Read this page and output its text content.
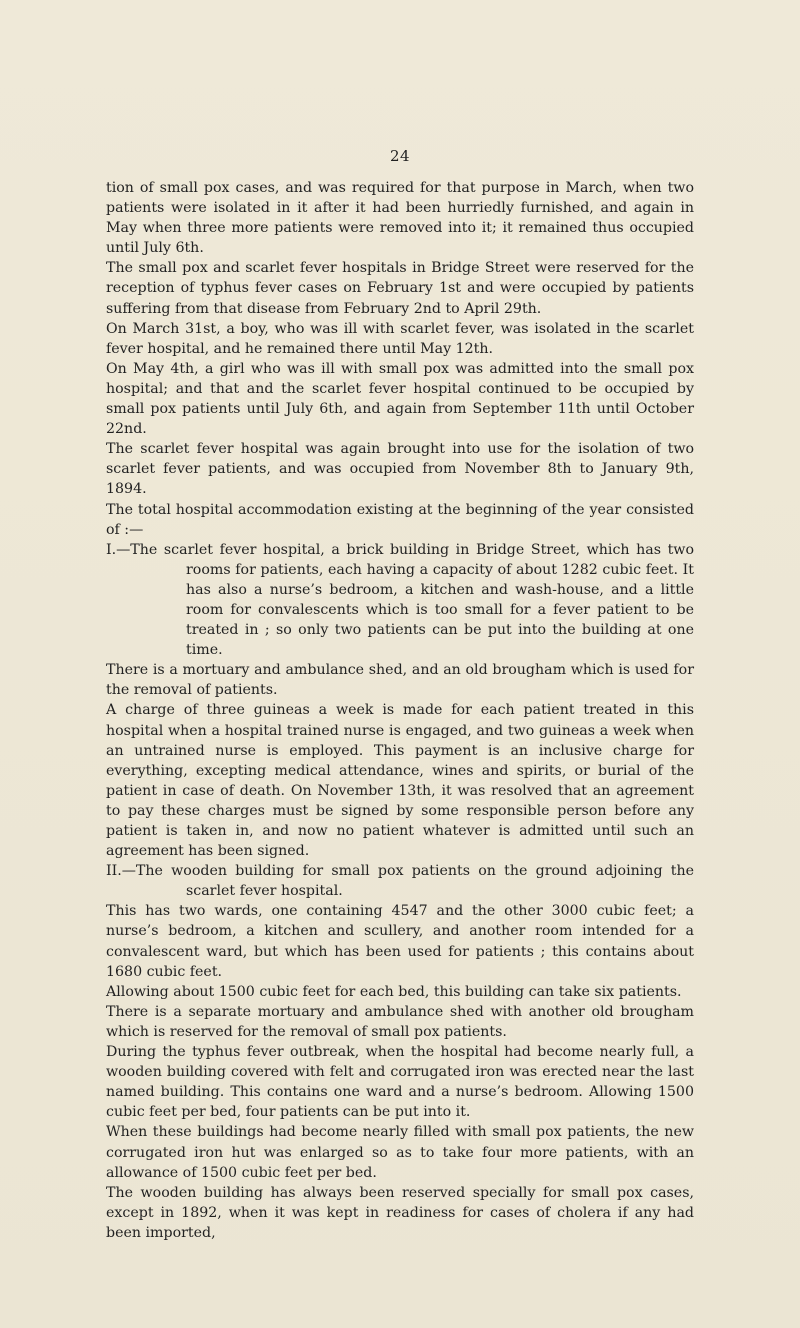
24

tion of small pox cases, and was required for that purpose in March, when two patients were isolated in it after it had been hurriedly furnished, and again in May when three more patients were removed into it; it remained thus occupied until July 6th.

The small pox and scarlet fever hospitals in Bridge Street were reserved for the reception of typhus fever cases on February 1st and were occupied by patients suffering from that disease from February 2nd to April 29th.

On March 31st, a boy, who was ill with scarlet fever, was isolated in the scarlet fever hospital, and he remained there until May 12th.

On May 4th, a girl who was ill with small pox was admitted into the small pox hospital; and that and the scarlet fever hospital continued to be occupied by small pox patients until July 6th, and again from September 11th until October 22nd.

The scarlet fever hospital was again brought into use for the isolation of two scarlet fever patients, and was occupied from November 8th to January 9th, 1894.

The total hospital accommodation existing at the beginning of the year consisted of :—

I.—The scarlet fever hospital, a brick building in Bridge Street, which has two rooms for patients, each having a capacity of about 1282 cubic feet. It has also a nurse’s bedroom, a kitchen and wash-house, and a little room for convalescents which is too small for a fever patient to be treated in ; so only two patients can be put into the building at one time.

There is a mortuary and ambulance shed, and an old brougham which is used for the removal of patients.

A charge of three guineas a week is made for each patient treated in this hospital when a hospital trained nurse is engaged, and two guineas a week when an untrained nurse is employed. This payment is an inclusive charge for everything, excepting medical attendance, wines and spirits, or burial of the patient in case of death. On November 13th, it was resolved that an agreement to pay these charges must be signed by some responsible person before any patient is taken in, and now no patient whatever is admitted until such an agreement has been signed.

II.—The wooden building for small pox patients on the ground adjoining the scarlet fever hospital.

This has two wards, one containing 4547 and the other 3000 cubic feet; a nurse’s bedroom, a kitchen and scullery, and another room intended for a convalescent ward, but which has been used for patients ; this contains about 1680 cubic feet.

Allowing about 1500 cubic feet for each bed, this building can take six patients.

There is a separate mortuary and ambulance shed with another old brougham which is reserved for the removal of small pox patients.

During the typhus fever outbreak, when the hospital had become nearly full, a wooden building covered with felt and corrugated iron was erected near the last named building. This contains one ward and a nurse’s bedroom. Allowing 1500 cubic feet per bed, four patients can be put into it.

When these buildings had become nearly filled with small pox patients, the new corrugated iron hut was enlarged so as to take four more patients, with an allowance of 1500 cubic feet per bed.

The wooden building has always been reserved specially for small pox cases, except in 1892, when it was kept in readiness for cases of cholera if any had been imported,
